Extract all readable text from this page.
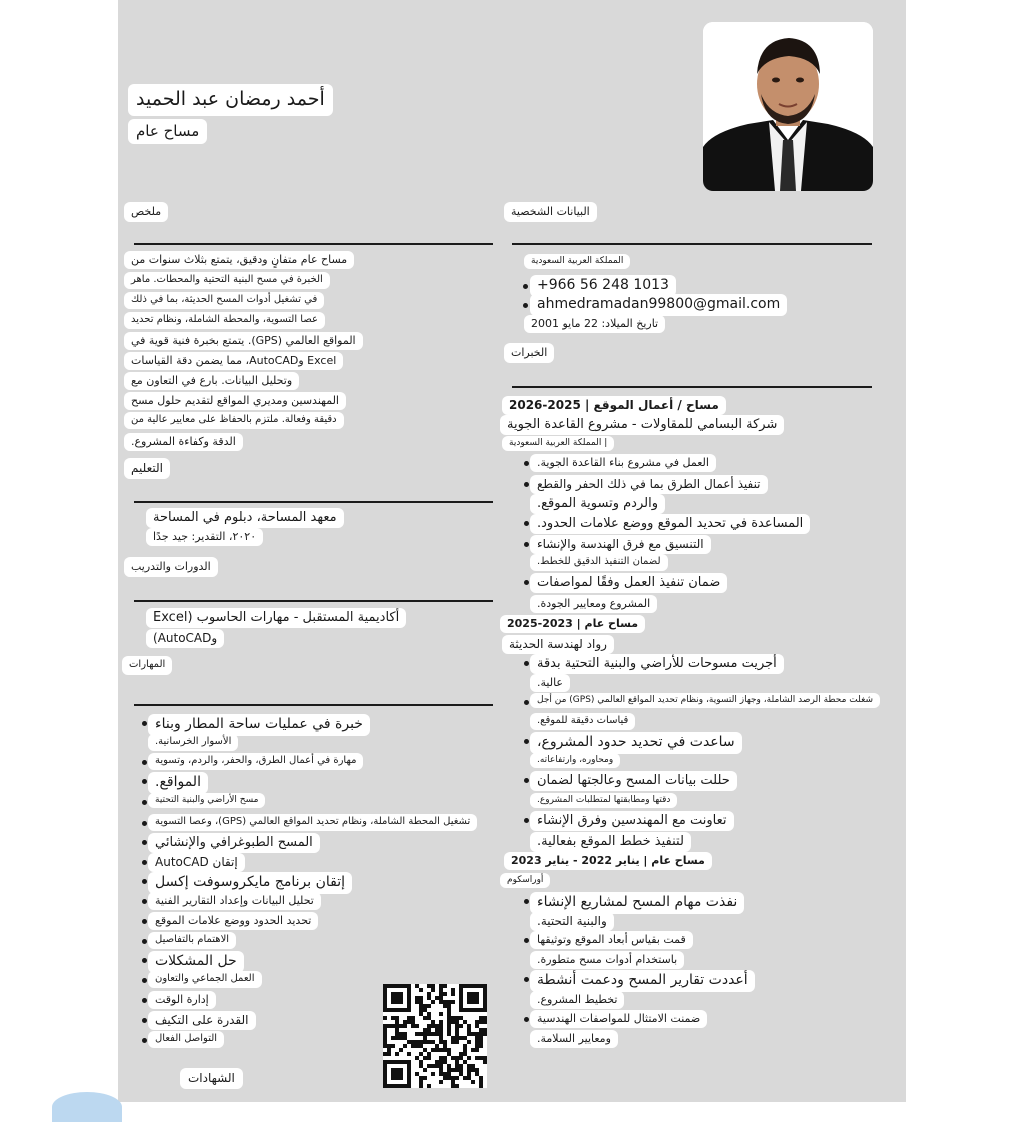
أحمد رمضان عبد الحميد
مساح عام
ملخص	البيانات الشخصية
مساح عام متفانٍ ودقيق، يتمتع بثلاث سنوات من
الخبرة في مسح البنية التحتية والمحطات. ماهر
في تشغيل أدوات المسح الحديثة، بما في ذلك
عصا التسوية، والمحطة الشاملة، ونظام تحديد
المواقع العالمي (GPS). يتمتع بخبرة فنية قوية في
Excel وAutoCAD، مما يضمن دقة القياسات
وتحليل البيانات. بارع في التعاون مع
المهندسين ومديري المواقع لتقديم حلول مسح
دقيقة وفعالة. ملتزم بالحفاظ على معايير عالية من
الدقة وكفاءة المشروع.
المملكة العربية السعودية
+966 56 248 1013
ahmedramadan99800@gmail.com
تاريخ الميلاد: 22 مايو 2001
الخبرات
التعليم
معهد المساحة، دبلوم في المساحة
٢٠٢٠، التقدير: جيد جدًا
الدورات والتدريب
أكاديمية المستقبل - مهارات الحاسوب (Excel
وAutoCAD)
المهارات
خبرة في عمليات ساحة المطار وبناء
الأسوار الخرسانية.
مهارة في أعمال الطرق، والحفر، والردم، وتسوية
المواقع.
مسح الأراضي والبنية التحتية
تشغيل المحطة الشاملة، ونظام تحديد المواقع العالمي (GPS)، وعصا التسوية
المسح الطبوغرافي والإنشائي
إتقان AutoCAD
إتقان برنامج مايكروسوفت إكسل
تحليل البيانات وإعداد التقارير الفنية
تحديد الحدود ووضع علامات الموقع
الاهتمام بالتفاصيل
حل المشكلات
العمل الجماعي والتعاون
إدارة الوقت
القدرة على التكيف
التواصل الفعال
الشهادات
مساح / أعمال الموقع | 2025-2026
شركة البسامي للمقاولات - مشروع القاعدة الجوية
| المملكة العربية السعودية
العمل في مشروع بناء القاعدة الجوية.
تنفيذ أعمال الطرق بما في ذلك الحفر والقطع
والردم وتسوية الموقع.
المساعدة في تحديد الموقع ووضع علامات الحدود.
التنسيق مع فرق الهندسة والإنشاء
لضمان التنفيذ الدقيق للخطط.
ضمان تنفيذ العمل وفقًا لمواصفات
المشروع ومعايير الجودة.
مساح عام | 2023-2025
رواد لهندسة الحديثة
أجريت مسوحات للأراضي والبنية التحتية بدقة
عالية.
شغلت محطة الرصد الشاملة، وجهاز التسوية، ونظام تحديد المواقع العالمي (GPS) من أجل
قياسات دقيقة للموقع.
ساعدت في تحديد حدود المشروع،
ومحاوره، وارتفاعاته.
حللت بيانات المسح وعالجتها لضمان
دقتها ومطابقتها لمتطلبات المشروع.
تعاونت مع المهندسين وفرق الإنشاء
لتنفيذ خطط الموقع بفعالية.
مساح عام | يناير 2022 - يناير 2023
أوراسكوم
نفذت مهام المسح لمشاريع الإنشاء
والبنية التحتية.
قمت بقياس أبعاد الموقع وتوثيقها
باستخدام أدوات مسح متطورة.
أعددت تقارير المسح ودعمت أنشطة
تخطيط المشروع.
ضمنت الامتثال للمواصفات الهندسية
ومعايير السلامة.
